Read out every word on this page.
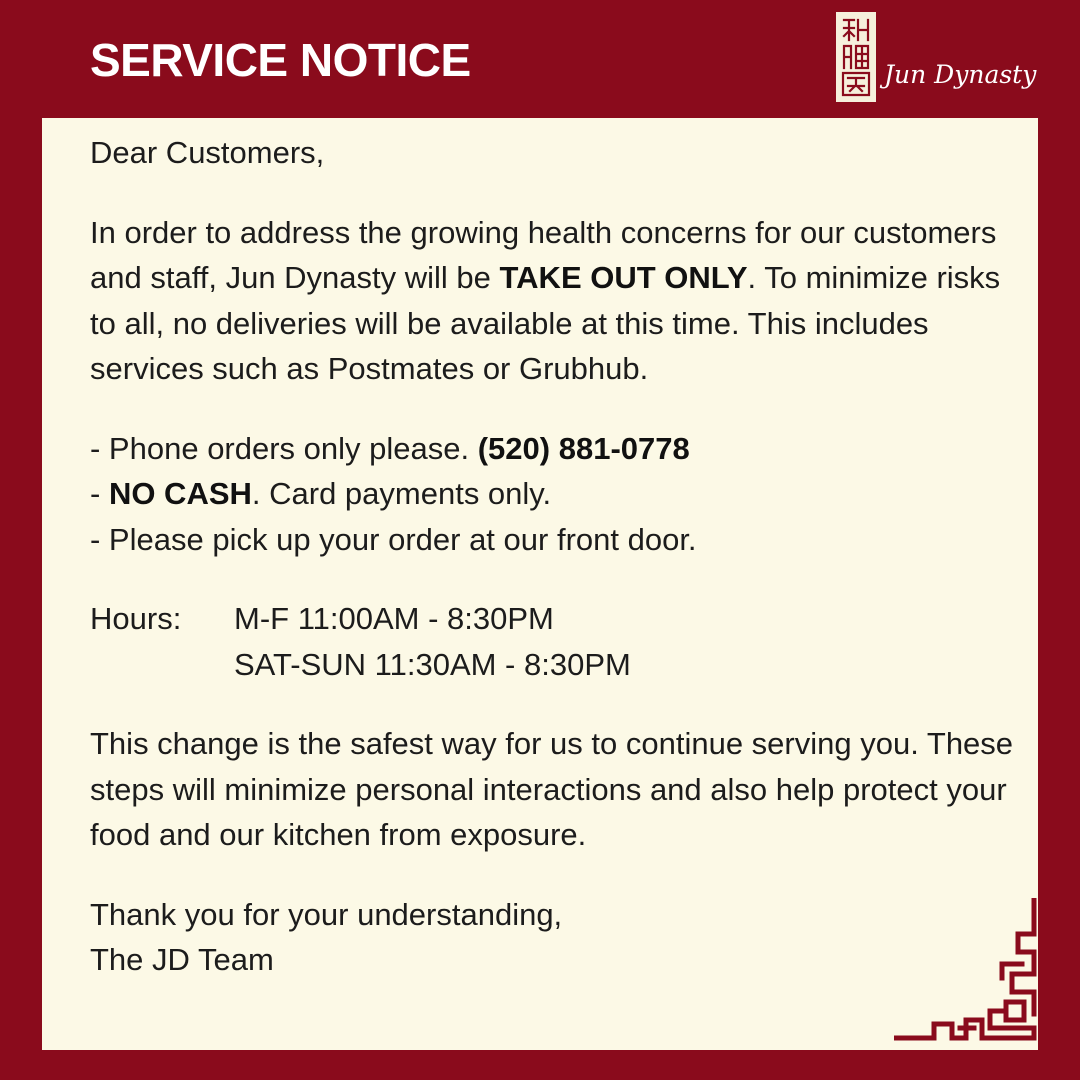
SERVICE NOTICE	Jun Dynasty

Dear Customers,

In order to address the growing health concerns for our customers and staff, Jun Dynasty will be TAKE OUT ONLY. To minimize risks to all, no deliveries will be available at this time. This includes services such as Postmates or Grubhub.

- Phone orders only please. (520) 881-0778

- NO CASH. Card payments only.

- Please pick up your order at our front door.

Hours:	M-F 11:00AM - 8:30PM
SAT-SUN 11:30AM - 8:30PM

This change is the safest way for us to continue serving you. These steps will minimize personal interactions and also help protect your food and our kitchen from exposure.

Thank you for your understanding,

The JD Team
